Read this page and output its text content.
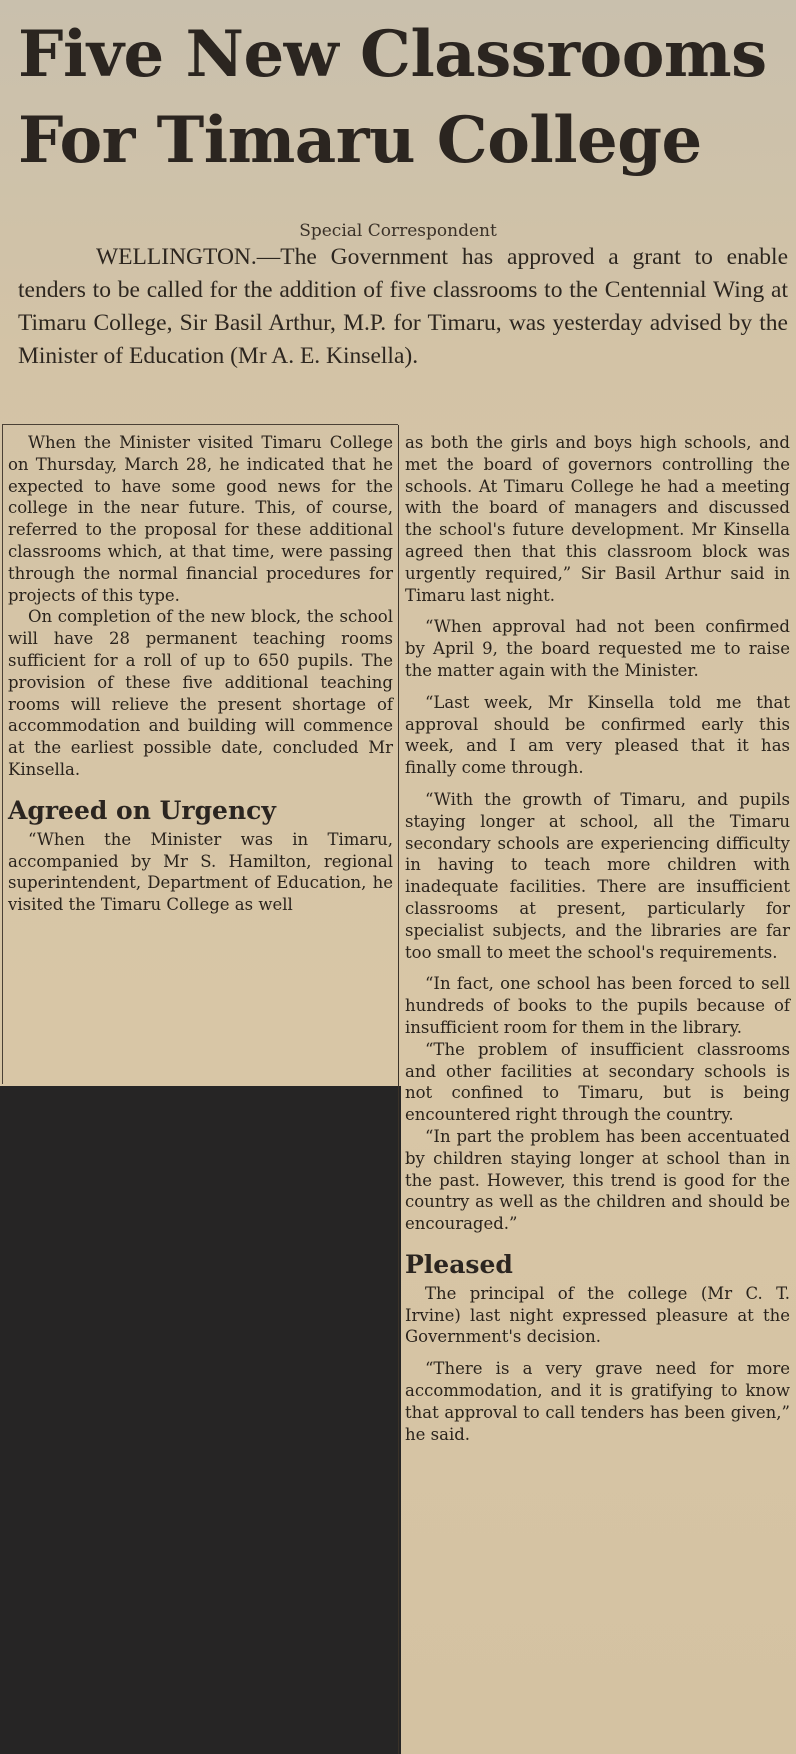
Five New Classrooms
For Timaru College
Special Correspondent
WELLINGTON.—The Government has approved a grant to enable tenders to be called for the addition of five classrooms to the Centennial Wing at Timaru College, Sir Basil Arthur, M.P. for Timaru, was yesterday advised by the Minister of Education (Mr A. E. Kinsella).

When the Minister visited Timaru College on Thursday, March 28, he indicated that he expected to have some good news for the college in the near future. This, of course, referred to the proposal for these additional classrooms which, at that time, were passing through the normal financial procedures for projects of this type.

On completion of the new block, the school will have 28 permanent teaching rooms sufficient for a roll of up to 650 pupils. The provision of these five additional teaching rooms will relieve the present shortage of accommodation and building will commence at the earliest possible date, concluded Mr Kinsella.

Agreed on Urgency

“When the Minister was in Timaru, accompanied by Mr S. Hamilton, regional superintendent, Department of Education, he visited the Timaru College as well

as both the girls and boys high schools, and met the board of governors controlling the schools. At Timaru College he had a meeting with the board of managers and discussed the school's future development. Mr Kinsella agreed then that this classroom block was urgently required,” Sir Basil Arthur said in Timaru last night.

“When approval had not been confirmed by April 9, the board requested me to raise the matter again with the Minister.

“Last week, Mr Kinsella told me that approval should be confirmed early this week, and I am very pleased that it has finally come through.

“With the growth of Timaru, and pupils staying longer at school, all the Timaru secondary schools are experiencing difficulty in having to teach more children with inadequate facilities. There are insufficient classrooms at present, particularly for specialist subjects, and the libraries are far too small to meet the school's requirements.

“In fact, one school has been forced to sell hundreds of books to the pupils because of insufficient room for them in the library.

“The problem of insufficient classrooms and other facilities at secondary schools is not confined to Timaru, but is being encountered right through the country.

“In part the problem has been accentuated by children staying longer at school than in the past. However, this trend is good for the country as well as the children and should be encouraged.”

Pleased

The principal of the college (Mr C. T. Irvine) last night expressed pleasure at the Government's decision.

“There is a very grave need for more accommodation, and it is gratifying to know that approval to call tenders has been given,” he said.
